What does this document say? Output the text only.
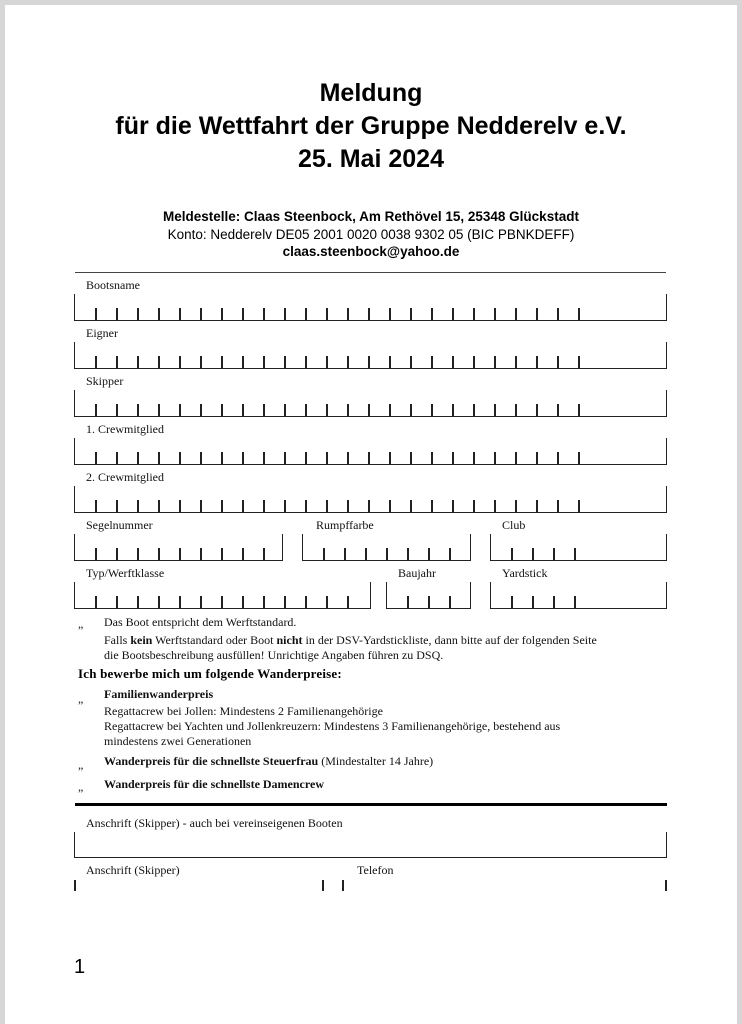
Meldung
für die Wettfahrt der Gruppe Nedderelv e.V.
25. Mai 2024
Meldestelle: Claas Steenbock, Am Rethövel 15, 25348 Glückstadt
Konto: Nedderelv DE05 2001 0020 0038 9302 05 (BIC PBNKDEFF)
claas.steenbock@yahoo.de
Bootsname
Eigner
Skipper
1. Crewmitglied
2. Crewmitglied
Segelnummer	Rumpffarbe	Club
Typ/Werftklasse	Baujahr	Yardstick
”
Das Boot entspricht dem Werftstandard.
Falls kein Werftstandard oder Boot nicht in der DSV-Yardstickliste, dann bitte auf der folgenden Seite
die Bootsbeschreibung ausfüllen! Unrichtige Angaben führen zu DSQ.
Ich bewerbe mich um folgende Wanderpreise:
”
Familienwanderpreis
Regattacrew bei Jollen: Mindestens 2 Familienangehörige
Regattacrew bei Yachten und Jollenkreuzern: Mindestens 3 Familienangehörige, bestehend aus
mindestens zwei Generationen
”
Wanderpreis für die schnellste Steuerfrau (Mindestalter 14 Jahre)
”
Wanderpreis für die schnellste Damencrew
Anschrift (Skipper) - auch bei vereinseigenen Booten
Anschrift (Skipper)	Telefon
1
